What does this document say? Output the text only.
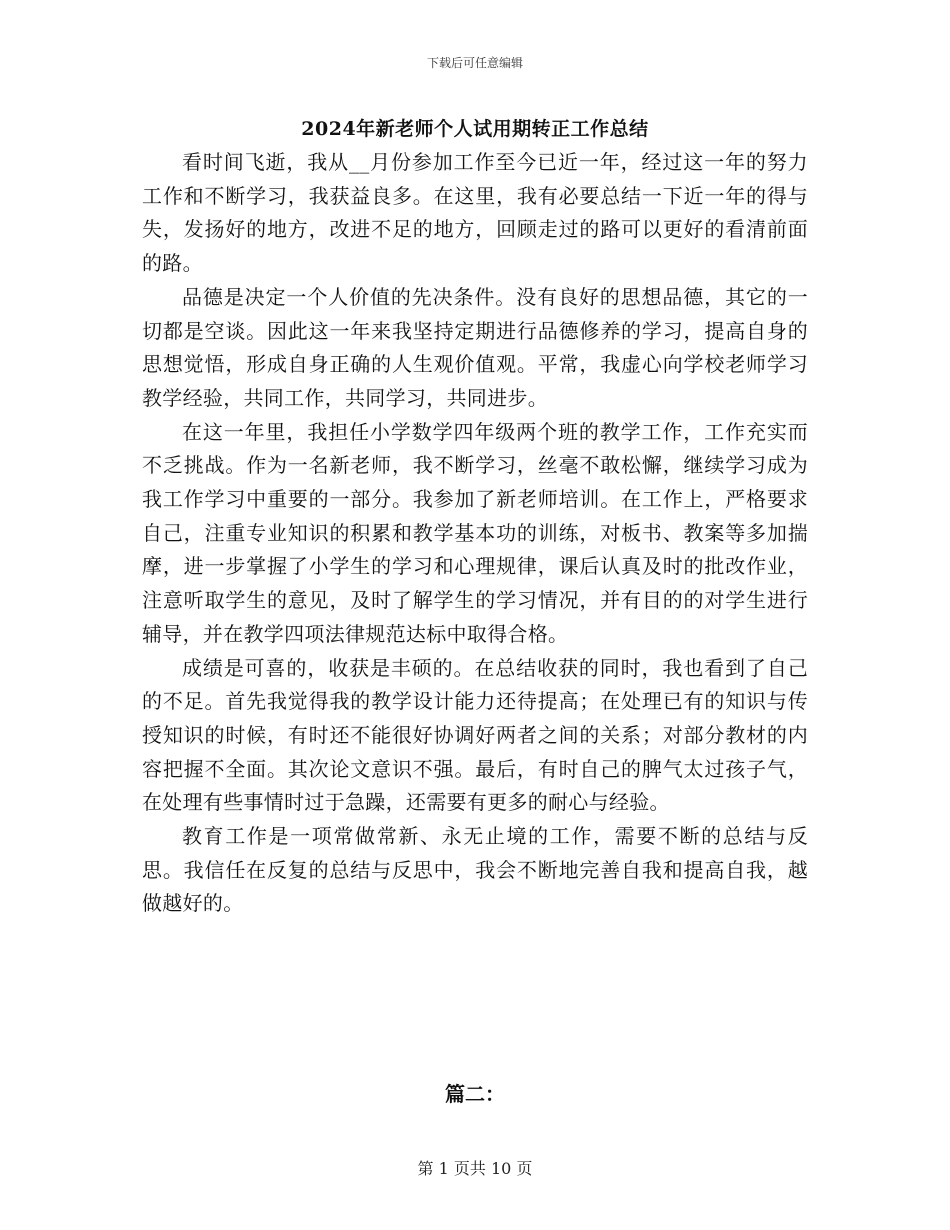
下载后可任意编辑
2024年新老师个人试用期转正工作总结

看时间飞逝，我从__月份参加工作至今已近一年，经过这一年的努力工作和不断学习，我获益良多。在这里，我有必要总结一下近一年的得与失，发扬好的地方，改进不足的地方，回顾走过的路可以更好的看清前面的路。

品德是决定一个人价值的先决条件。没有良好的思想品德，其它的一切都是空谈。因此这一年来我坚持定期进行品德修养的学习，提高自身的思想觉悟，形成自身正确的人生观价值观。平常，我虚心向学校老师学习教学经验，共同工作，共同学习，共同进步。

在这一年里，我担任小学数学四年级两个班的教学工作，工作充实而不乏挑战。作为一名新老师，我不断学习，丝毫不敢松懈，继续学习成为我工作学习中重要的一部分。我参加了新老师培训。在工作上，严格要求自己，注重专业知识的积累和教学基本功的训练，对板书、教案等多加揣摩，进一步掌握了小学生的学习和心理规律，课后认真及时的批改作业，注意听取学生的意见，及时了解学生的学习情况，并有目的的对学生进行辅导，并在教学四项法律规范达标中取得合格。

成绩是可喜的，收获是丰硕的。在总结收获的同时，我也看到了自己的不足。首先我觉得我的教学设计能力还待提高；在处理已有的知识与传授知识的时候，有时还不能很好协调好两者之间的关系；对部分教材的内容把握不全面。其次论文意识不强。最后，有时自己的脾气太过孩子气，在处理有些事情时过于急躁，还需要有更多的耐心与经验。

教育工作是一项常做常新、永无止境的工作，需要不断的总结与反思。我信任在反复的总结与反思中，我会不断地完善自我和提高自我，越做越好的。

篇二：
第 1 页共 10 页
